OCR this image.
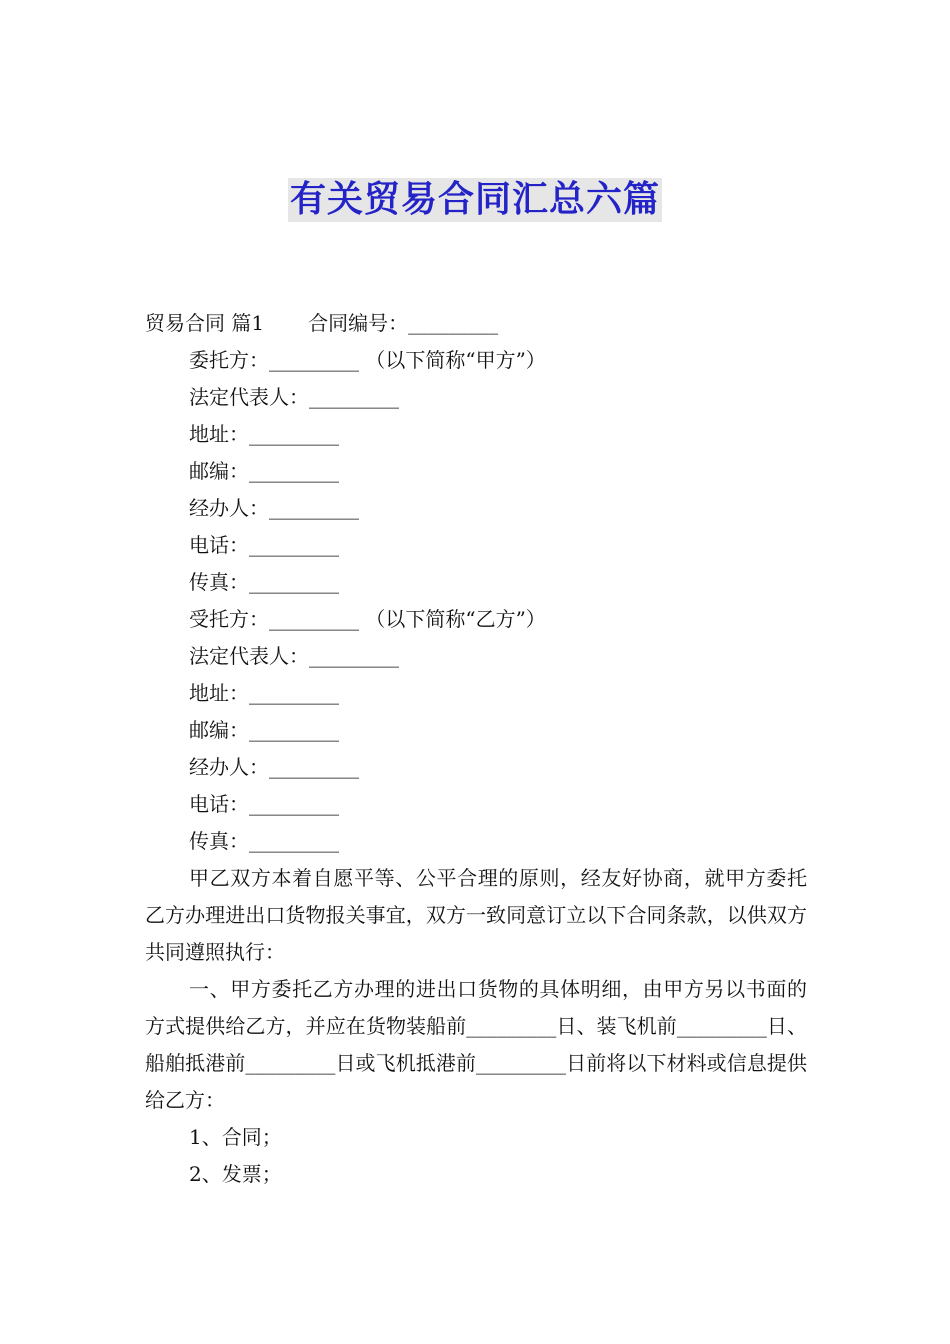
有关贸易合同汇总六篇
贸易合同 篇1 合同编号：_________
委托方：_________ （以下简称“甲方”）
法定代表人：_________
地址：_________
邮编：_________
经办人：_________
电话：_________
传真：_________
受托方：_________ （以下简称“乙方”）
法定代表人：_________
地址：_________
邮编：_________
经办人：_________
电话：_________
传真：_________
甲乙双方本着自愿平等、公平合理的原则，经友好协商，就甲方委托乙方办理进出口货物报关事宜，双方一致同意订立以下合同条款，以供双方共同遵照执行：
一、甲方委托乙方办理的进出口货物的具体明细，由甲方另以书面的方式提供给乙方，并应在货物装船前_________日、装飞机前_________日、船舶抵港前_________日或飞机抵港前_________日前将以下材料或信息提供给乙方：
1、合同；
2、发票；
